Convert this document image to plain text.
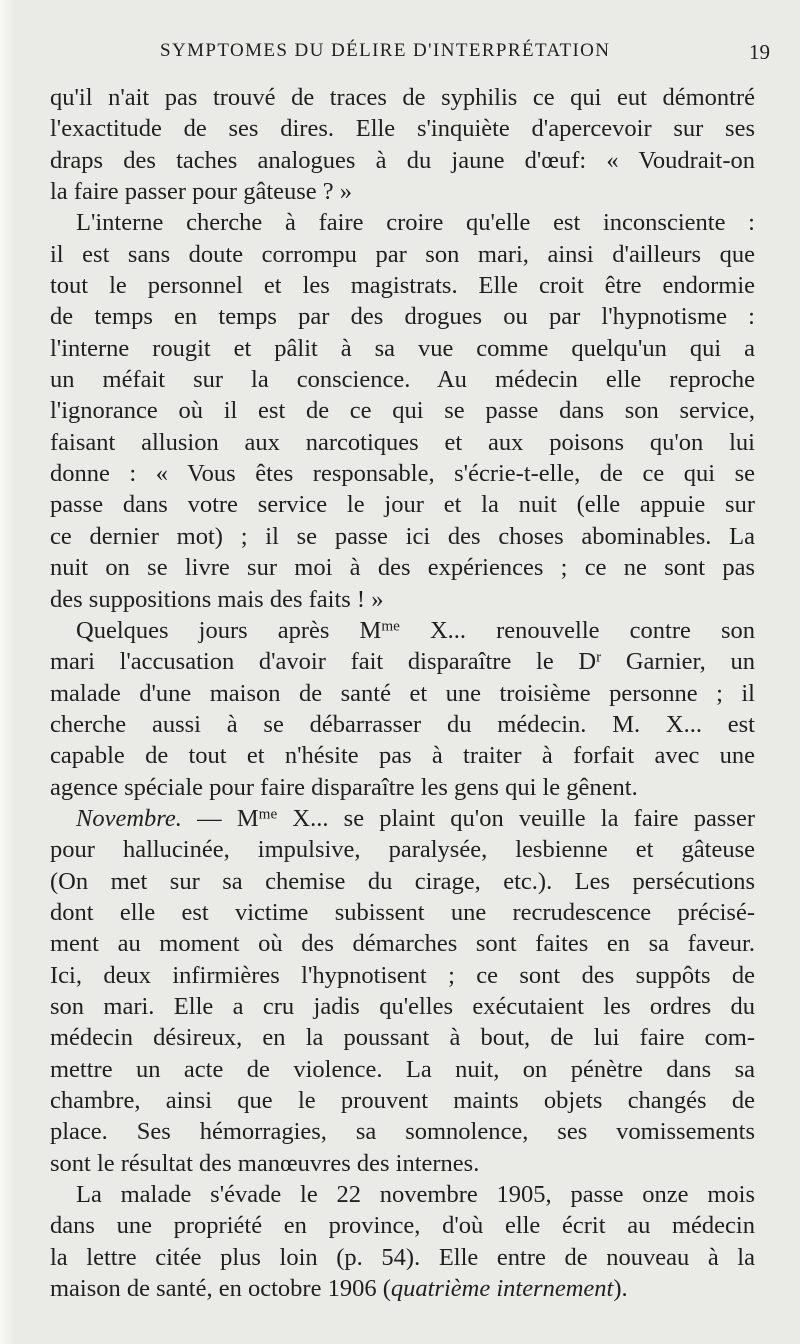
SYMPTOMES DU DÉLIRE D'INTERPRÉTATION	19
qu'il n'ait pas trouvé de traces de syphilis ce qui eut démontré
l'exactitude de ses dires. Elle s'inquiète d'apercevoir sur ses
draps des taches analogues à du jaune d'œuf: « Voudrait-on
la faire passer pour gâteuse ? »
L'interne cherche à faire croire qu'elle est inconsciente :
il est sans doute corrompu par son mari, ainsi d'ailleurs que
tout le personnel et les magistrats. Elle croit être endormie
de temps en temps par des drogues ou par l'hypnotisme :
l'interne rougit et pâlit à sa vue comme quelqu'un qui a
un méfait sur la conscience. Au médecin elle reproche
l'ignorance où il est de ce qui se passe dans son service,
faisant allusion aux narcotiques et aux poisons qu'on lui
donne : « Vous êtes responsable, s'écrie-t-elle, de ce qui se
passe dans votre service le jour et la nuit (elle appuie sur
ce dernier mot) ; il se passe ici des choses abominables. La
nuit on se livre sur moi à des expériences ; ce ne sont pas
des suppositions mais des faits ! »
Quelques jours après $M^{me}$ X... renouvelle contre son
mari l'accusation d'avoir fait disparaître le $D^r$ Garnier, un
malade d'une maison de santé et une troisième personne ; il
cherche aussi à se débarrasser du médecin. M. X... est
capable de tout et n'hésite pas à traiter à forfait avec une
agence spéciale pour faire disparaître les gens qui le gênent.
Novembre. — $M^{me}$ X... se plaint qu'on veuille la faire passer
pour hallucinée, impulsive, paralysée, lesbienne et gâteuse
(On met sur sa chemise du cirage, etc.). Les persécutions
dont elle est victime subissent une recrudescence précisé-
ment au moment où des démarches sont faites en sa faveur.
Ici, deux infirmières l'hypnotisent ; ce sont des suppôts de
son mari. Elle a cru jadis qu'elles exécutaient les ordres du
médecin désireux, en la poussant à bout, de lui faire com-
mettre un acte de violence. La nuit, on pénètre dans sa
chambre, ainsi que le prouvent maints objets changés de
place. Ses hémorragies, sa somnolence, ses vomissements
sont le résultat des manœuvres des internes.
La malade s'évade le 22 novembre 1905, passe onze mois
dans une propriété en province, d'où elle écrit au médecin
la lettre citée plus loin (p. 54). Elle entre de nouveau à la
maison de santé, en octobre 1906 (quatrième internement).
